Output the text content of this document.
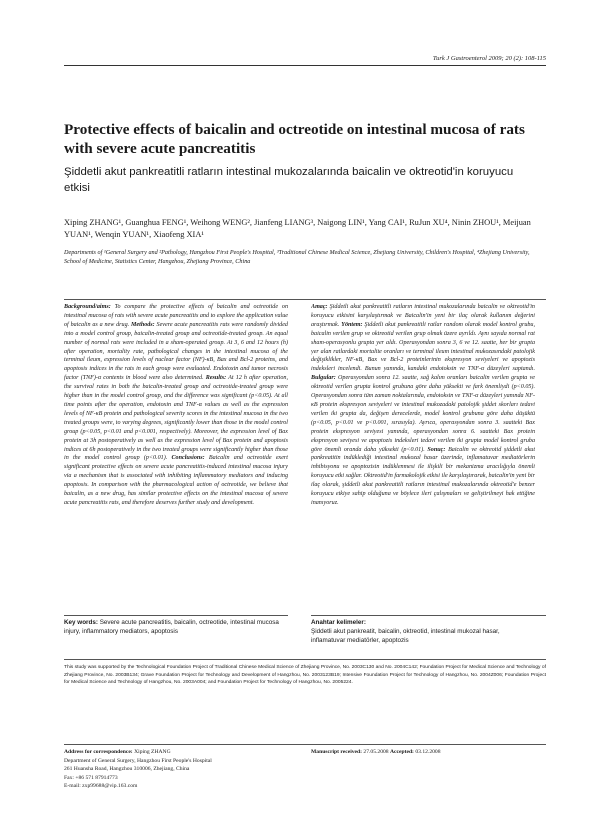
Turk J Gastroenterol 2009; 20 (2): 108-115
Protective effects of baicalin and octreotide on intestinal mucosa of rats with severe acute pancreatitis
Şiddetli akut pankreatitli ratların intestinal mukozalarında baicalin ve oktreotid'in koruyucu etkisi
Xiping ZHANG¹, Guanghua FENG¹, Weihong WENG², Jianfeng LIANG³, Naigong LIN¹, Yang CAI¹, RuJun XU⁴, Ninin ZHOU¹, Meijuan YUAN¹, Wenqin YUAN¹, Xiaofeng XIA¹
Departments of ¹General Surgery and ²Pathology, Hangzhou First People's Hospital, ³Traditional Chinese Medical Science, Zhejiang University, Children's Hospital, ⁴Zhejiang University, School of Medicine, Statistics Center, Hangzhou, Zhejiang Province, China

Background/aims: To compare the protective effects of baicalin and octreotide on intestinal mucosa of rats with severe acute pancreatitis and to explore the application value of baicalin as a new drug. Methods: Severe acute pancreatitis rats were randomly divided into a model control group, baicalin-treated group and octreotide-treated group. An equal number of normal rats were included in a sham-operated group. At 3, 6 and 12 hours (h) after operation, mortality rate, pathological changes in the intestinal mucosa of the terminal ileum, expression levels of nuclear factor (NF)-κB, Bax and Bcl-2 proteins, and apoptosis indices in the rats in each group were evaluated. Endotoxin and tumor necrosis factor (TNF)-α contents in blood were also determined. Results: At 12 h after operation, the survival rates in both the baicalin-treated group and octreotide-treated group were higher than in the model control group, and the difference was significant (p<0.05). At all time points after the operation, endotoxin and TNF-α values as well as the expression levels of NF-κB protein and pathological severity scores in the intestinal mucosa in the two treated groups were, to varying degrees, significantly lower than those in the model control group (p<0.05, p<0.01 and p<0.001, respectively). Moreover, the expression level of Bax protein at 3h postoperatively as well as the expression level of Bax protein and apoptosis indices at 6h postoperatively in the two treated groups were significantly higher than those in the model control group (p<0.01). Conclusions: Baicalin and octreotide exert significant protective effects on severe acute pancreatitis-induced intestinal mucosa injury via a mechanism that is associated with inhibiting inflammatory mediators and inducing apoptosis. In comparison with the pharmacological action of octreotide, we believe that baicalin, as a new drug, has similar protective effects on the intestinal mucosa of severe acute pancreatitis rats, and therefore deserves further study and development.

Amaç: Şiddetli akut pankreatitli ratların intestinal mukozalarında baicalin ve oktreotid'in koruyucu etkisini karşılaştırmak ve Baicalin'in yeni bir ilaç olarak kullanım değerini araştırmak. Yöntem: Şiddetli akut pankreatitli ratlar random olarak model kontrol grubu, baicalin verilen grup ve oktreotid verilen grup olmak üzere ayrıldı. Aynı sayıda normal rat sham-operasyonlu grupta yer aldı. Operasyondan sonra 3, 6 ve 12. saatte, her bir grupta yer alan ratlardaki mortalite oranları ve terminal ileum intestinal mukozasındaki patolojik değişiklikler, NF-κB, Bax ve Bcl-2 proteinlerinin ekspresyon seviyeleri ve apoptozis indeksleri incelendi. Bunun yanında, kandaki endotoksin ve TNF-α düzeyleri saptandı. Bulgular: Operasyondan sonra 12. saatte, sağ kalım oranları baicalin verilen grupta ve oktreotid verilen grupta kontrol grubuna göre daha yüksekti ve fark önemliydi (p<0.05). Operasyondan sonra tüm zaman noktalarında, endotoksin ve TNF-α düzeyleri yanında NF-κB protein ekspresyon seviyeleri ve intestinal mukozadaki patolojik şiddet skorları tedavi verilen iki grupta da, değişen derecelerde, model kontrol grubuna göre daha düşüktü (p<0.05, p<0.01 ve p<0.001, sırasıyla). Ayrıca, operasyondan sonra 3. saatteki Bax protein ekspresyon seviyesi yanında, operasyondan sonra 6. saatteki Bax protein ekspresyon seviyesi ve apoptozis indeksleri tedavi verilen iki grupta model kontrol gruba göre önemli oranda daha yüksekti (p<0.01). Sonuç: Baicalin ve oktreotid şiddetli akut pankreatitin indüklediği intestinal mukozal hasar üzerinde, inflamatuvar mediatörlerin inhibisyonu ve apoptozisin indüklenmesi ile ilişkili bir mekanizma aracılığıyla önemli koruyucu etki sağlar. Oktreotid'in farmakolojik etkisi ile karşılaştırarak, baicalin'in yeni bir ilaç olarak, şiddetli akut pankreatitli ratların intestinal mukozalarında oktreotid'e benzer koruyucu etkiye sahip olduğuna ve böylece ileri çalışmaları ve geliştirilmeyi hak ettiğine inanıyoruz.

Key words: Severe acute pancreatitis, baicalin, octreotide, intestinal mucosa injury, inflammatory mediators, apoptosis
Anahtar kelimeler:
Şiddetli akut pankreatit, baicalin, oktreotid, intestinal mukozal hasar, inflamatuvar mediatörler, apoptozis
This study was supported by the Technological Foundation Project of Traditional Chinese Medical Science of Zhejiang Province, No. 2003C130 and No. 2004C142; Foundation Project for Medical Science and Technology of Zhejiang Province, No. 2003B134; Grave Foundation Project for Technology and Development of Hangzhou, No. 2003123B19; Intensive Foundation Project for Technology of Hangzhou, No. 2004Z006; Foundation Project for Medical Science and Technology of Hangzhou, No. 2003A004; and Foundation Project for Technology of Hangzhou, No. 2005224.
Address for correspondence: Xiping ZHANG
Department of General Surgery, Hangzhou First People's Hospital
261 Huansha Road, Hangzhou 310006, Zhejiang, China
Fax: +86 571 87914773
E-mail: zxp99688@vip.163.com
Manuscript received: 27.05.2008 Accepted: 03.12.2008
